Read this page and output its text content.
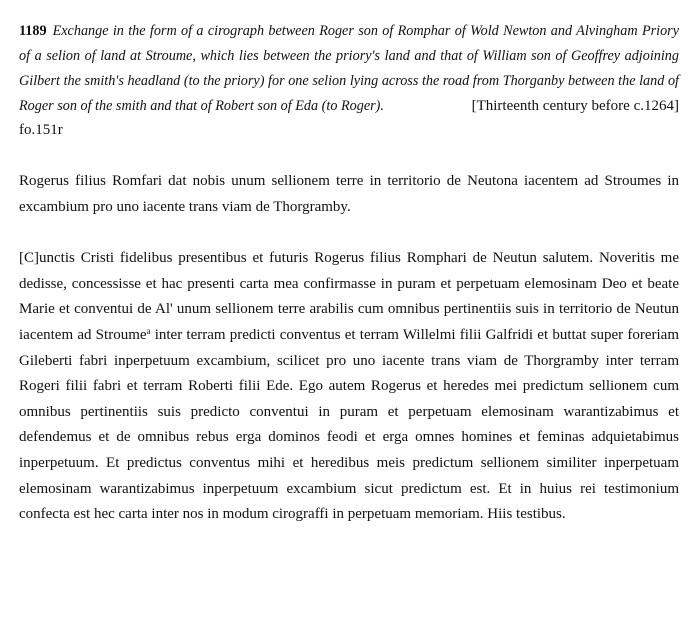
1189 Exchange in the form of a cirograph between Roger son of Romphar of Wold Newton and Alvingham Priory of a selion of land at Stroume, which lies between the priory's land and that of William son of Geoffrey adjoining Gilbert the smith's headland (to the priory) for one selion lying across the road from Thorganby between the land of Roger son of the smith and that of Robert son of Eda (to Roger).	[Thirteenth century before c.1264]

fo.151r

Rogerus filius Romfari dat nobis unum sellionem terre in territorio de Neutona iacentem ad Stroumes in excambium pro uno iacente trans viam de Thorgramby.

[C]unctis Cristi fidelibus presentibus et futuris Rogerus filius Romphari de Neutun salutem. Noveritis me dedisse, concessisse et hac presenti carta mea confirmasse in puram et perpetuam elemosinam Deo et beate Marie et conventui de Al' unum sellionem terre arabilis cum omnibus pertinentiis suis in territorio de Neutun iacentem ad Stroume$^a$ inter terram predicti conventus et terram Willelmi filii Galfridi et buttat super foreriam Gileberti fabri inperpetuum excambium, scilicet pro uno iacente trans viam de Thorgramby inter terram Rogeri filii fabri et terram Roberti filii Ede. Ego autem Rogerus et heredes mei predictum sellionem cum omnibus pertinentiis suis predicto conventui in puram et perpetuam elemosinam warantizabimus et defendemus et de omnibus rebus erga dominos feodi et erga omnes homines et feminas adquietabimus inperpetuum. Et predictus conventus mihi et heredibus meis predictum sellionem similiter inperpetuam elemosinam warantizabimus inperpetuum excambium sicut predictum est. Et in huius rei testimonium confecta est hec carta inter nos in modum cirograffi in perpetuam memoriam. Hiis testibus.
